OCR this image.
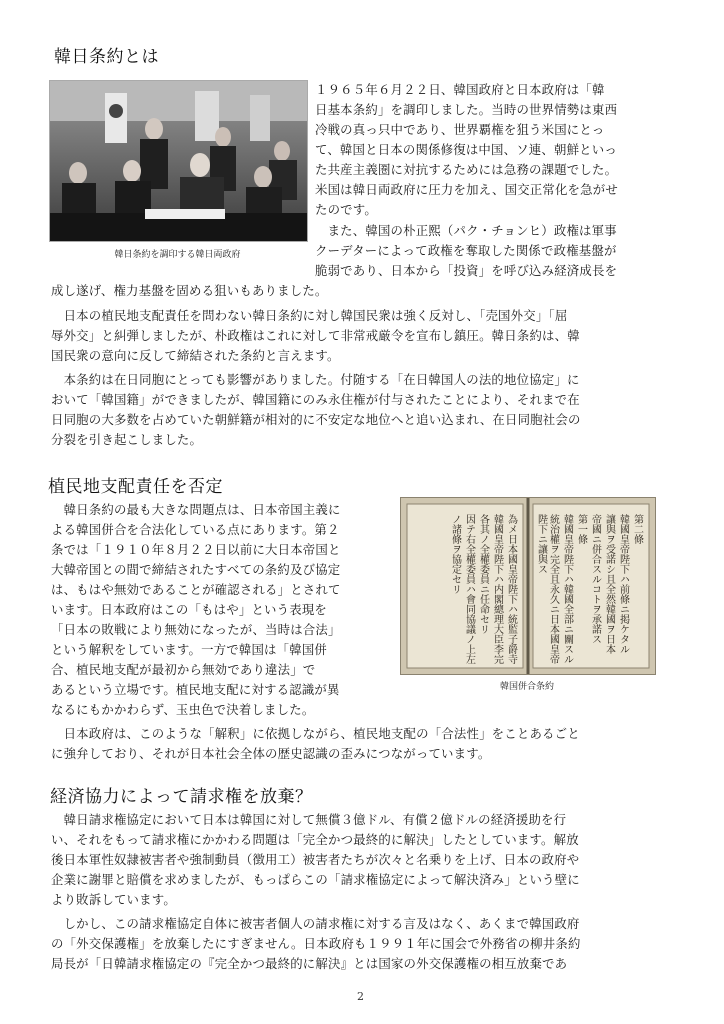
韓日条約とは
韓日条約を調印する韓日両政府

１９６５年６月２２日、韓国政府と日本政府は「韓

日基本条約」を調印しました。当時の世界情勢は東西

冷戦の真っ只中であり、世界覇権を狙う米国にとっ

て、韓国と日本の関係修復は中国、ソ連、朝鮮といっ

た共産主義圏に対抗するためには急務の課題でした。

米国は韓日両政府に圧力を加え、国交正常化を急がせ

たのです。

　また、韓国の朴正熙（パク・チョンヒ）政権は軍事

クーデターによって政権を奪取した関係で政権基盤が

脆弱であり、日本から「投資」を呼び込み経済成長を

成し遂げ、権力基盤を固める狙いもありました。

　日本の植民地支配責任を問わない韓日条約に対し韓国民衆は強く反対し、「売国外交」「屈

辱外交」と糾弾しましたが、朴政権はこれに対して非常戒厳令を宣布し鎮圧。韓日条約は、韓

国民衆の意向に反して締結された条約と言えます。

　本条約は在日同胞にとっても影響がありました。付随する「在日韓国人の法的地位協定」に

おいて「韓国籍」ができましたが、韓国籍にのみ永住権が付与されたことにより、それまで在

日同胞の大多数を占めていた朝鮮籍が相対的に不安定な地位へと追い込まれ、在日同胞社会の

分裂を引き起こしました。

植民地支配責任を否定

　韓日条約の最も大きな問題点は、日本帝国主義に

よる韓国併合を合法化している点にあります。第２

条では「１９１０年８月２２日以前に大日本帝国と

大韓帝国との間で締結されたすべての条約及び協定

は、もはや無効であることが確認される」とされて

います。日本政府はこの「もはや」という表現を

「日本の敗戦により無効になったが、当時は合法」

という解釈をしています。一方で韓国は「韓国併

合、植民地支配が最初から無効であり違法」で

あるという立場です。植民地支配に対する認識が異

なるにもかかわらず、玉虫色で決着しました。

第二條
韓國皇帝陛下ハ前條ニ掲ケタル
讓與ヲ受諾シ且全然韓國ヲ日本
帝國ニ併合スルコトヲ承諾ス
第一條
韓國皇帝陛下ハ韓國全部ニ關スル
統治權ヲ完全且永久ニ日本國皇帝
陛下ニ讓與ス
為メ日本國皇帝陛下ハ統監子爵寺
韓國皇帝陛下ハ内閣總理大臣李完
各其ノ全權委員ニ任命セリ
因テ右全權委員ハ會同協議ノ上左
ノ諸條ヲ協定セリ
韓国併合条約

　日本政府は、このような「解釈」に依拠しながら、植民地支配の「合法性」をことあるごと

に強弁しており、それが日本社会全体の歴史認識の歪みにつながっています。

経済協力によって請求権を放棄？

　韓日請求権協定において日本は韓国に対して無償３億ドル、有償２億ドルの経済援助を行

い、それをもって請求権にかかわる問題は「完全かつ最終的に解決」したとしています。解放

後日本軍性奴隷被害者や強制動員（徴用工）被害者たちが次々と名乗りを上げ、日本の政府や

企業に謝罪と賠償を求めましたが、もっぱらこの「請求権協定によって解決済み」という壁に

より敗訴しています。

　しかし、この請求権協定自体に被害者個人の請求権に対する言及はなく、あくまで韓国政府

の「外交保護権」を放棄したにすぎません。日本政府も１９９１年に国会で外務省の柳井条約

局長が「日韓請求権協定の『完全かつ最終的に解決』とは国家の外交保護権の相互放棄であ

2
